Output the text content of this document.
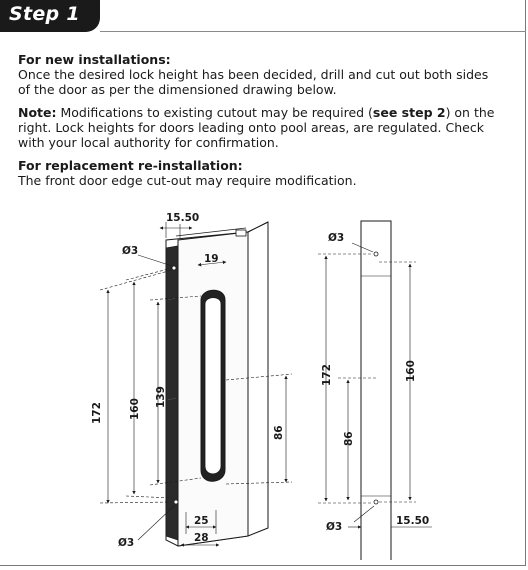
Step 1

For new installations:
Once the desired lock height has been decided, drill and cut out both sides
of the door as per the dimensioned drawing below.

Note: Modifications to existing cutout may be required (see step 2) on the
right. Lock heights for doors leading onto pool areas, are regulated. Check
with your local authority for confirmation.

For replacement re-installation:
The front door edge cut-out may require modification.

15.50
Ø3
19
172 160
139
86
25
28
Ø3
Ø3
172	160
86
Ø3	15.50
